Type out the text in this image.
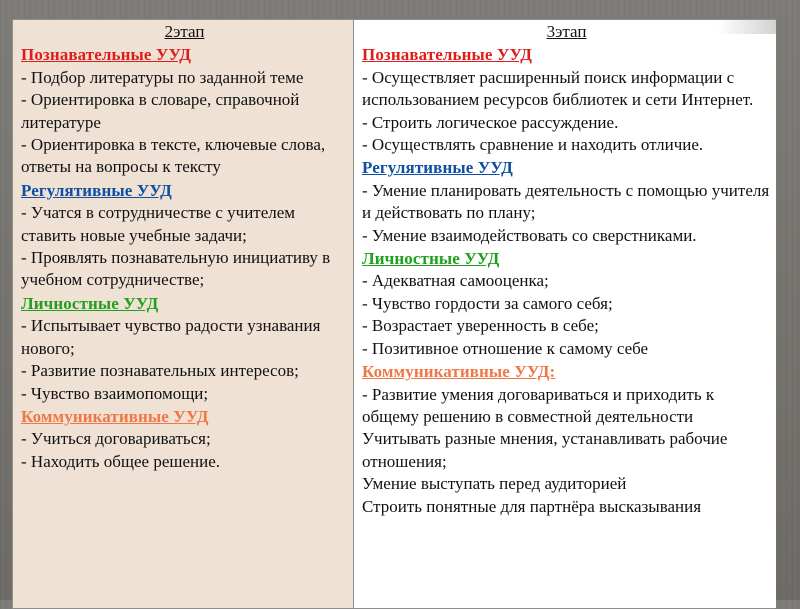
2этап
Познавательные УУД
- Подбор литературы по заданной теме
- Ориентировка в словаре, справочной литературе
- Ориентировка в тексте, ключевые слова, ответы на вопросы к тексту
Регулятивные УУД
- Учатся в сотрудничестве с учителем ставить новые учебные задачи;
- Проявлять познавательную инициативу в учебном сотрудничестве;
Личностные УУД
- Испытывает чувство радости узнавания нового;
- Развитие познавательных интересов;
- Чувство взаимопомощи;
Коммуникативные УУД
- Учиться договариваться;
- Находить общее решение.
3этап
Познавательные УУД
- Осуществляет расширенный поиск информации с использованием ресурсов библиотек и сети Интернет.
- Строить логическое рассуждение.
- Осуществлять сравнение и находить отличие.
Регулятивные УУД
- Умение планировать деятельность с помощью учителя и действовать по плану;
- Умение взаимодействовать со сверстниками.
Личностные УУД
- Адекватная самооценка;
- Чувство гордости за самого себя;
- Возрастает уверенность в себе;
- Позитивное отношение к самому себе
Коммуникативные УУД:
- Развитие умения договариваться и приходить к общему решению в совместной деятельности
Учитывать разные мнения, устанавливать рабочие отношения;
Умение выступать перед аудиторией
Строить понятные для партнёра высказывания
